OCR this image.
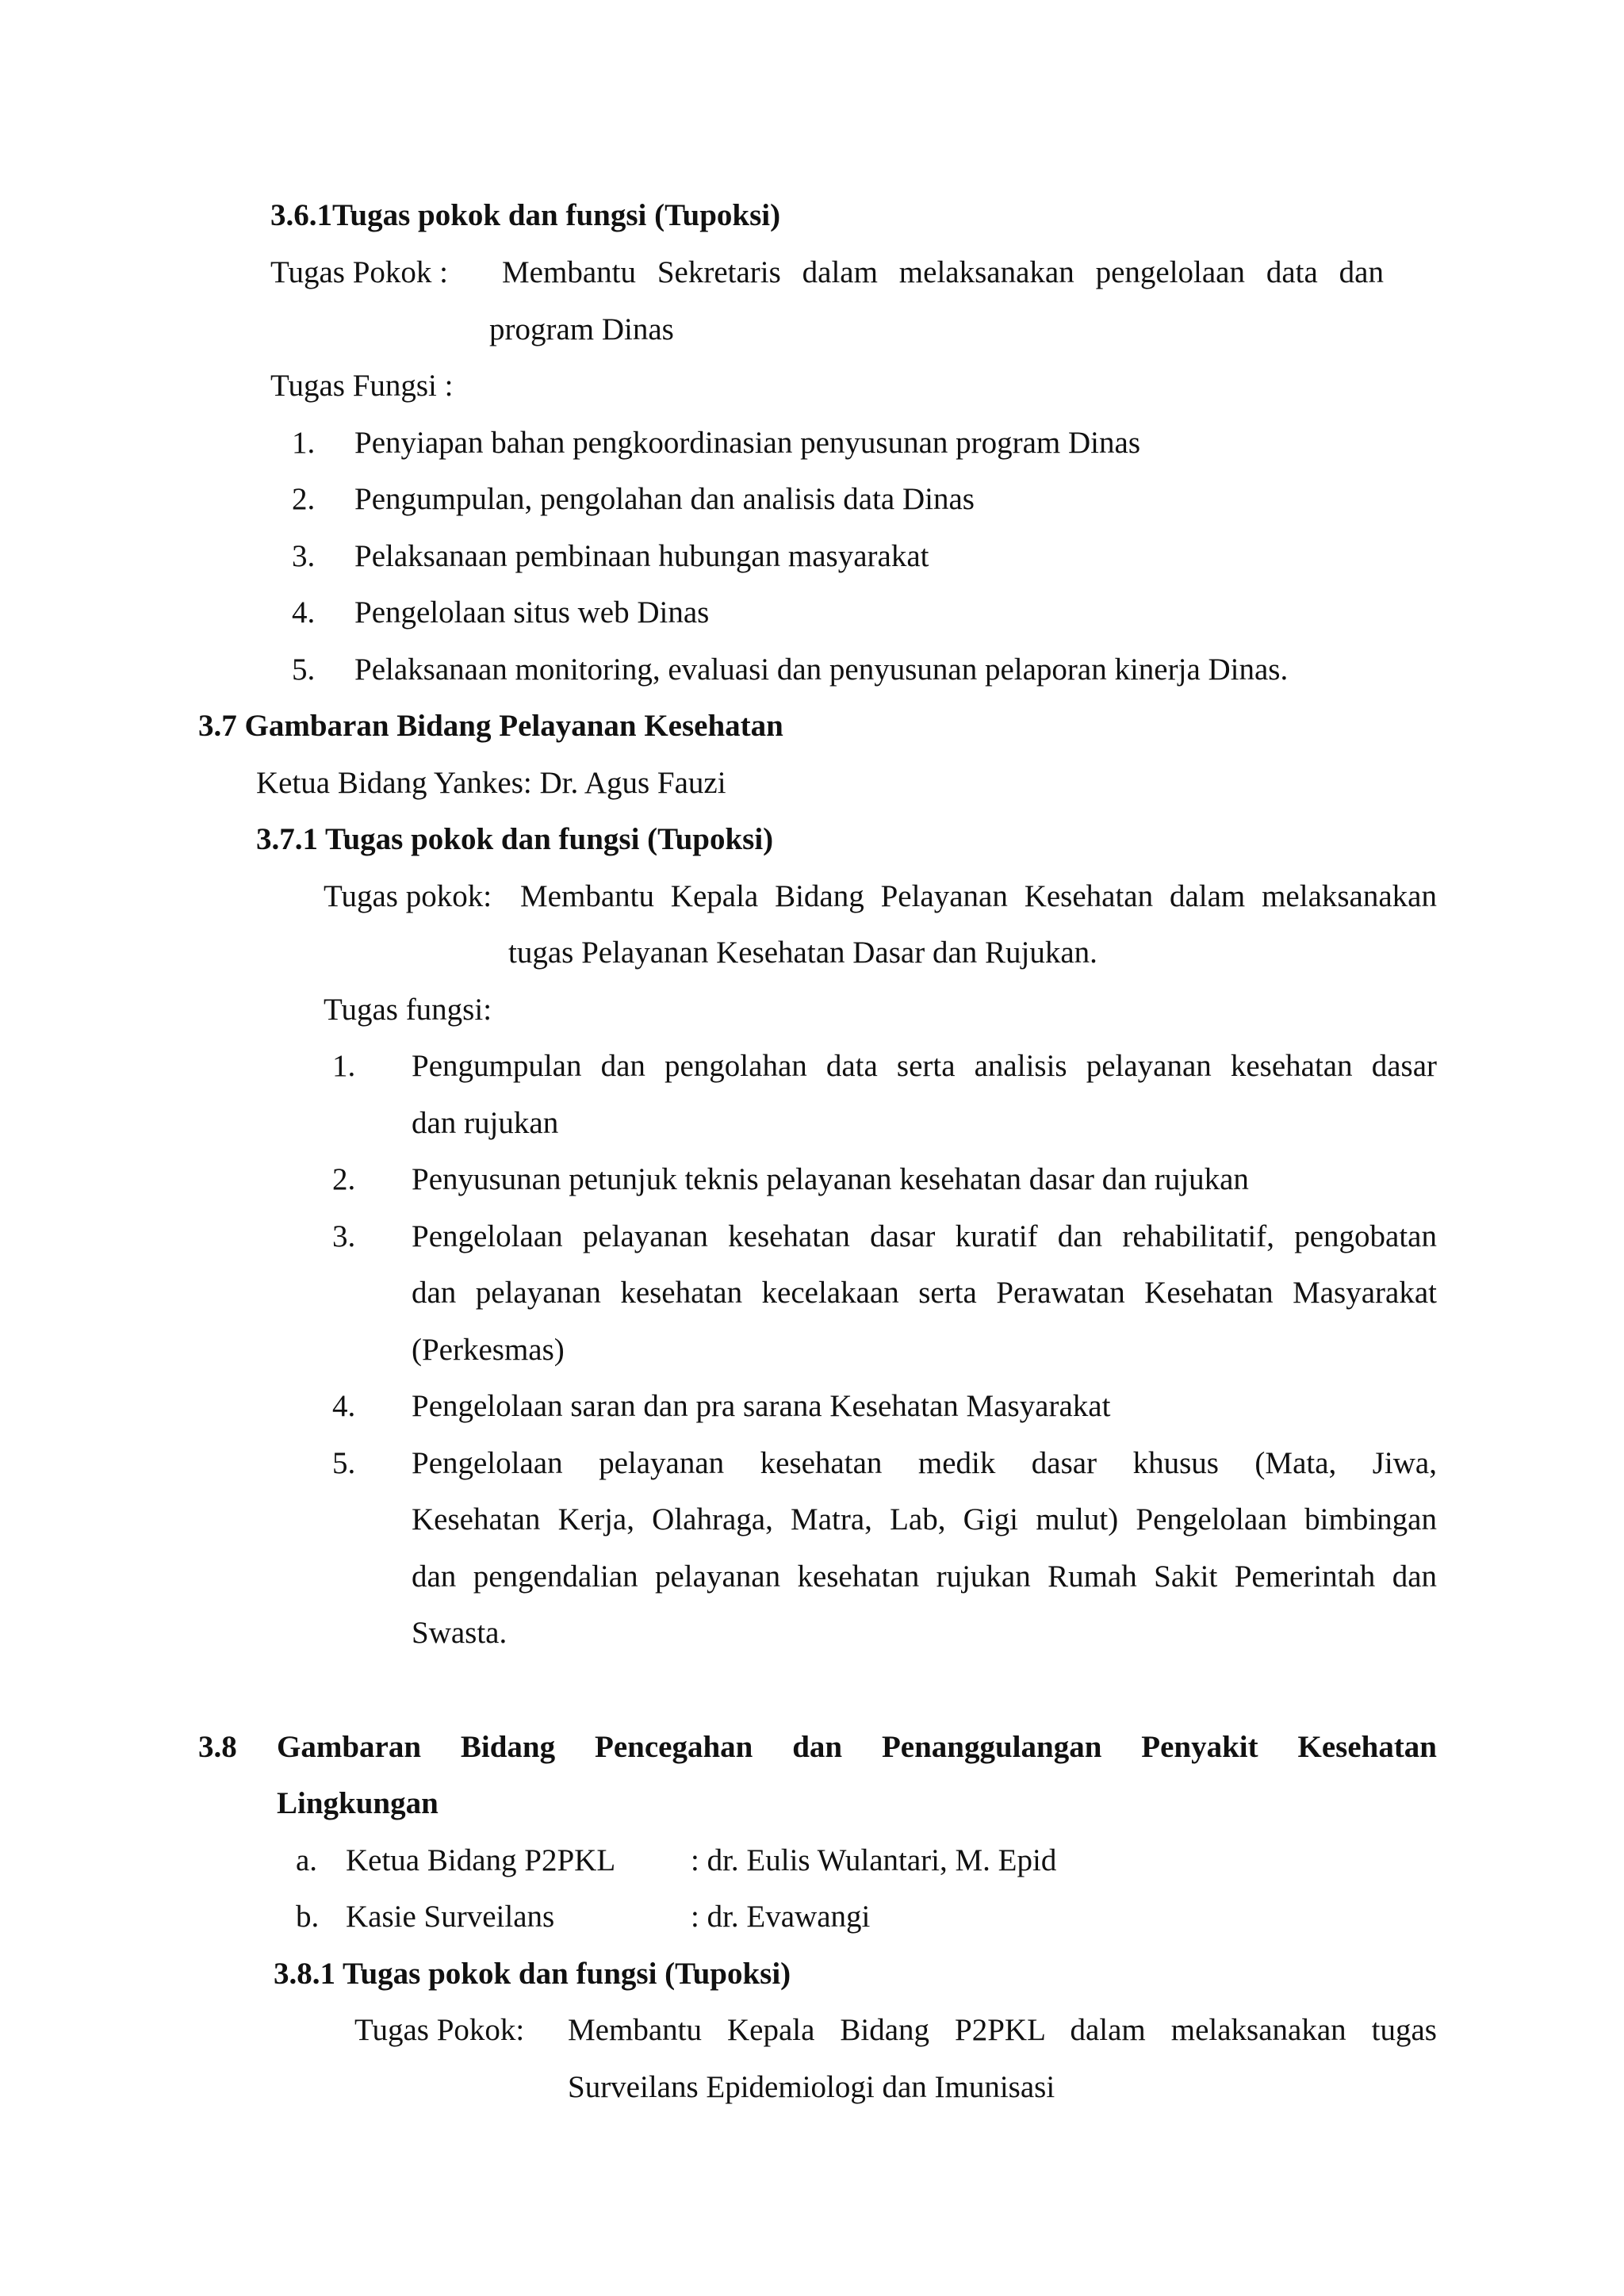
3.6.1Tugas pokok dan fungsi (Tupoksi)
Tugas Pokok : Membantu Sekretaris dalam melaksanakan pengelolaan data dan
program Dinas
Tugas Fungsi :
1. Penyiapan bahan pengkoordinasian penyusunan program Dinas
2. Pengumpulan, pengolahan dan analisis data Dinas
3. Pelaksanaan pembinaan hubungan masyarakat
4. Pengelolaan situs web Dinas
5. Pelaksanaan monitoring, evaluasi dan penyusunan pelaporan kinerja Dinas.
3.7 Gambaran Bidang Pelayanan Kesehatan
Ketua Bidang Yankes: Dr. Agus Fauzi
3.7.1 Tugas pokok dan fungsi (Tupoksi)
Tugas pokok: Membantu Kepala Bidang Pelayanan Kesehatan dalam melaksanakan
tugas Pelayanan Kesehatan Dasar dan Rujukan.
Tugas fungsi:
1. Pengumpulan dan pengolahan data serta analisis pelayanan kesehatan dasar
dan rujukan
2. Penyusunan petunjuk teknis pelayanan kesehatan dasar dan rujukan
3. Pengelolaan pelayanan kesehatan dasar kuratif dan rehabilitatif, pengobatan
dan pelayanan kesehatan kecelakaan serta Perawatan Kesehatan Masyarakat
(Perkesmas)
4. Pengelolaan saran dan pra sarana Kesehatan Masyarakat
5. Pengelolaan pelayanan kesehatan medik dasar khusus (Mata, Jiwa,
Kesehatan Kerja, Olahraga, Matra, Lab, Gigi mulut) Pengelolaan bimbingan
dan pengendalian pelayanan kesehatan rujukan Rumah Sakit Pemerintah dan
Swasta.
3.8 Gambaran Bidang Pencegahan dan Penanggulangan Penyakit Kesehatan
Lingkungan
a. Ketua Bidang P2PKL : dr. Eulis Wulantari, M. Epid
b. Kasie Surveilans	: dr. Evawangi
3.8.1 Tugas pokok dan fungsi (Tupoksi)
Tugas Pokok: Membantu Kepala Bidang P2PKL dalam melaksanakan tugas
Surveilans Epidemiologi dan Imunisasi
